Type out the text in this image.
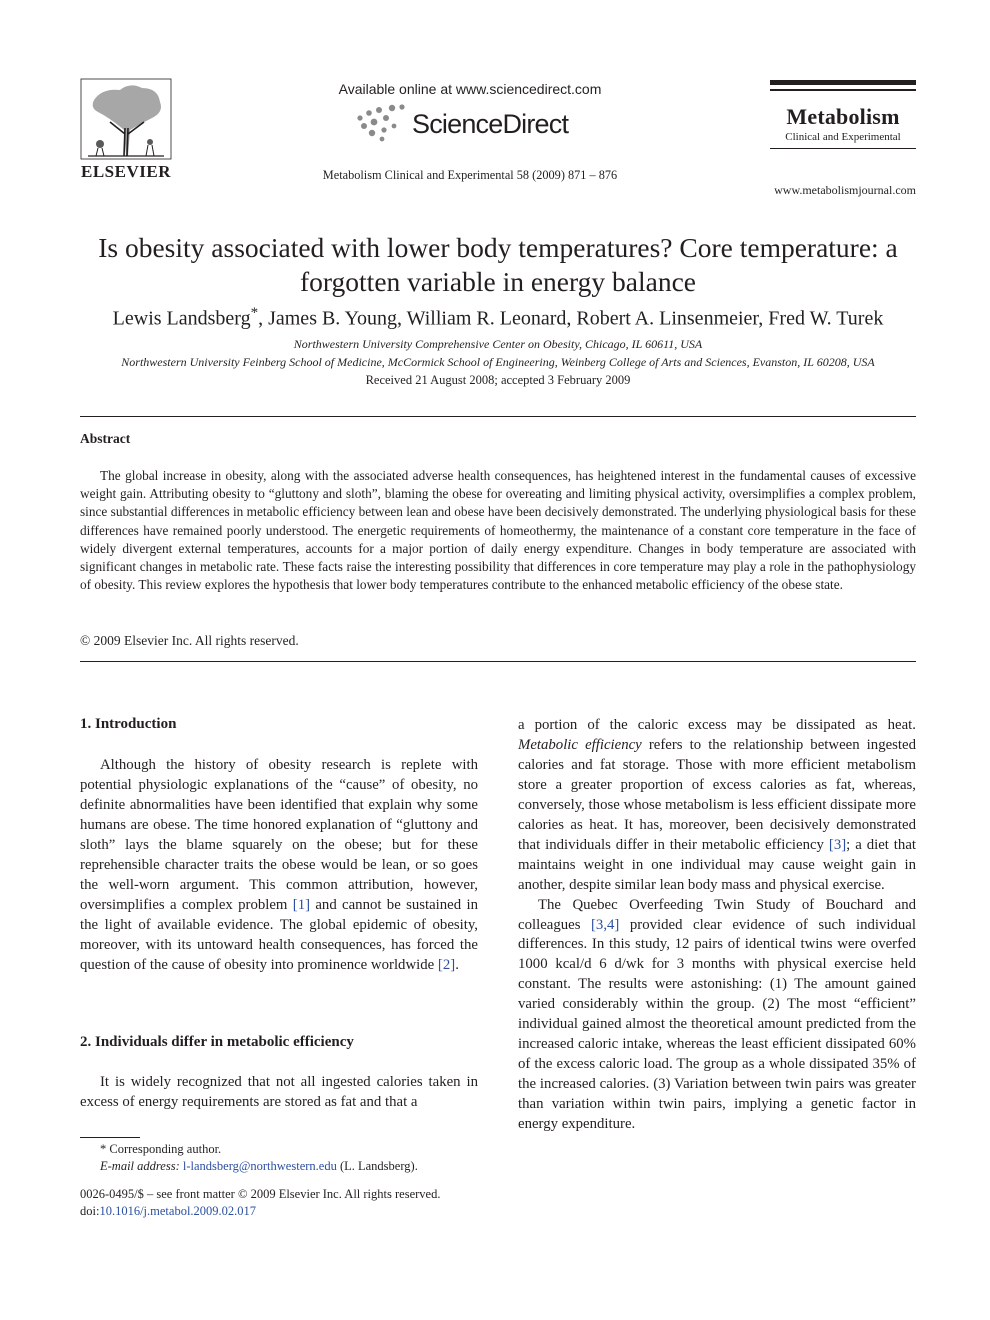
ELSEVIER
Available online at www.sciencedirect.com
ScienceDirect
Metabolism Clinical and Experimental 58 (2009) 871 – 876
Metabolism
Clinical and Experimental
www.metabolismjournal.com
Is obesity associated with lower body temperatures? Core temperature: a forgotten variable in energy balance
Lewis Landsberg*, James B. Young, William R. Leonard, Robert A. Linsenmeier, Fred W. Turek
Northwestern University Comprehensive Center on Obesity, Chicago, IL 60611, USA
Northwestern University Feinberg School of Medicine, McCormick School of Engineering, Weinberg College of Arts and Sciences, Evanston, IL 60208, USA
Received 21 August 2008; accepted 3 February 2009
Abstract
The global increase in obesity, along with the associated adverse health consequences, has heightened interest in the fundamental causes of excessive weight gain. Attributing obesity to “gluttony and sloth”, blaming the obese for overeating and limiting physical activity, oversimplifies a complex problem, since substantial differences in metabolic efficiency between lean and obese have been decisively demonstrated. The underlying physiological basis for these differences have remained poorly understood. The energetic requirements of homeothermy, the maintenance of a constant core temperature in the face of widely divergent external temperatures, accounts for a major portion of daily energy expenditure. Changes in body temperature are associated with significant changes in metabolic rate. These facts raise the interesting possibility that differences in core temperature may play a role in the pathophysiology of obesity. This review explores the hypothesis that lower body temperatures contribute to the enhanced metabolic efficiency of the obese state.
© 2009 Elsevier Inc. All rights reserved.
1. Introduction

Although the history of obesity research is replete with potential physiologic explanations of the “cause” of obesity, no definite abnormalities have been identified that explain why some humans are obese. The time honored explanation of “gluttony and sloth” lays the blame squarely on the obese; but for these reprehensible character traits the obese would be lean, or so goes the well-worn argument. This common attribution, however, oversimplifies a complex problem [1] and cannot be sustained in the light of available evidence. The global epidemic of obesity, moreover, with its untoward health consequences, has forced the question of the cause of obesity into prominence worldwide [2].

2. Individuals differ in metabolic efficiency

It is widely recognized that not all ingested calories taken in excess of energy requirements are stored as fat and that a

* Corresponding author.
E-mail address: l-landsberg@northwestern.edu (L. Landsberg).
0026-0495/$ – see front matter © 2009 Elsevier Inc. All rights reserved.
doi:10.1016/j.metabol.2009.02.017

a portion of the caloric excess may be dissipated as heat. Metabolic efficiency refers to the relationship between ingested calories and fat storage. Those with more efficient metabolism store a greater proportion of excess calories as fat, whereas, conversely, those whose metabolism is less efficient dissipate more calories as heat. It has, moreover, been decisively demonstrated that individuals differ in their metabolic efficiency [3]; a diet that maintains weight in one individual may cause weight gain in another, despite similar lean body mass and physical exercise.

The Quebec Overfeeding Twin Study of Bouchard and colleagues [3,4] provided clear evidence of such individual differences. In this study, 12 pairs of identical twins were overfed 1000 kcal/d 6 d/wk for 3 months with physical exercise held constant. The results were astonishing: (1) The amount gained varied considerably within the group. (2) The most “efficient” individual gained almost the theoretical amount predicted from the increased caloric intake, whereas the least efficient dissipated 60% of the excess caloric load. The group as a whole dissipated 35% of the increased calories. (3) Variation between twin pairs was greater than variation within twin pairs, implying a genetic factor in energy expenditure.
